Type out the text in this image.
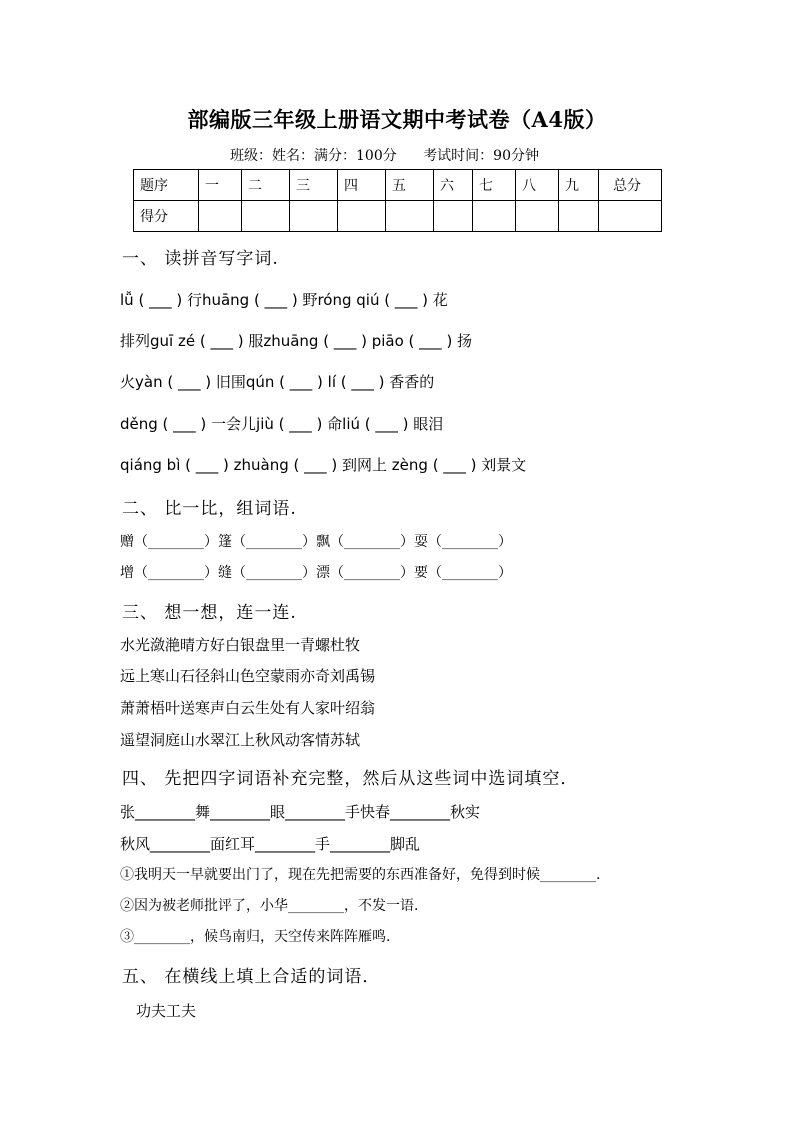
部编版三年级上册语文期中考试卷（A4版）
班级：姓名：满分：100分 考试时间：90分钟
题序	一	二	三	四	五	六	七	八	九	总分
得分										
一、 读拼音写字词.
lǚ ( ___ ) 行huāng ( ___ ) 野róng qiú ( ___ ) 花
排列guī zé ( ___ ) 服zhuāng ( ___ ) piāo ( ___ ) 扬
火yàn ( ___ ) 旧围qún ( ___ ) lí ( ___ ) 香香的
děng ( ___ ) 一会儿jiù ( ___ ) 命liú ( ___ ) 眼泪
qiáng bì ( ___ ) zhuàng ( ___ ) 到网上 zèng ( ___ ) 刘景文
二、 比一比，组词语.
赠（________）篷（________）飘（________）耍（________）
增（________）缝（________）漂（________）要（________）
三、 想一想，连一连.
水光潋滟晴方好白银盘里一青螺杜牧
远上寒山石径斜山色空蒙雨亦奇刘禹锡
萧萧梧叶送寒声白云生处有人家叶绍翁
遥望洞庭山水翠江上秋风动客情苏轼
四、 先把四字词语补充完整，然后从这些词中选词填空．
张________舞________眼________手快春________秋实
秋风________面红耳________手________脚乱
①我明天一早就要出门了，现在先把需要的东西准备好，免得到时候________.
②因为被老师批评了，小华________，不发一语.
③________，候鸟南归，天空传来阵阵雁鸣.
五、 在横线上填上合适的词语．
功夫工夫
